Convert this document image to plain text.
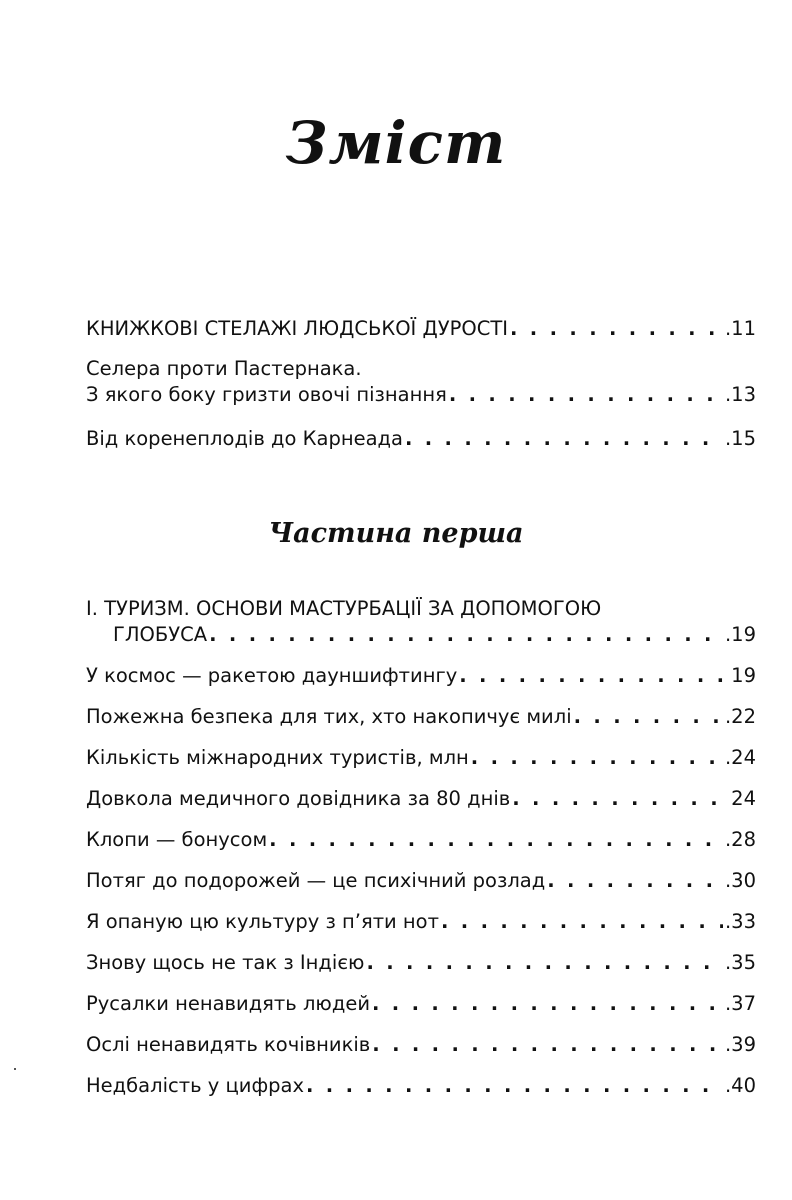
Зміст
КНИЖКОВІ СТЕЛАЖІ ЛЮДСЬКОЇ ДУРОСТІ . . .	.11
Селера проти Пастернака.
З якого боку гризти овочі пізнання . . .	.13
Від коренеплодів до Карнеада . . .	.15
Частина перша
І. ТУРИЗМ. ОСНОВИ МАСТУРБАЦІЇ ЗА ДОПОМОГОЮ
ГЛОБУСА . . .	.19
У космос — ракетою дауншифтингу . . .	19
Пожежна безпека для тих, хто накопичує милі . . .	.22
Кількість міжнародних туристів, млн . . .	.24
Довкола медичного довідника за 80 днів . . .	24
Клопи — бонусом . . .	.28
Потяг до подорожей — це психічний розлад . . .	.30
Я опаную цю культуру з п’яти нот . . .	.33
Знову щось не так з Індією . . .	.35
Русалки ненавидять людей . . .	.37
Ослі ненавидять кочівників . . .	.39
Недбалість у цифрах . . .	.40
